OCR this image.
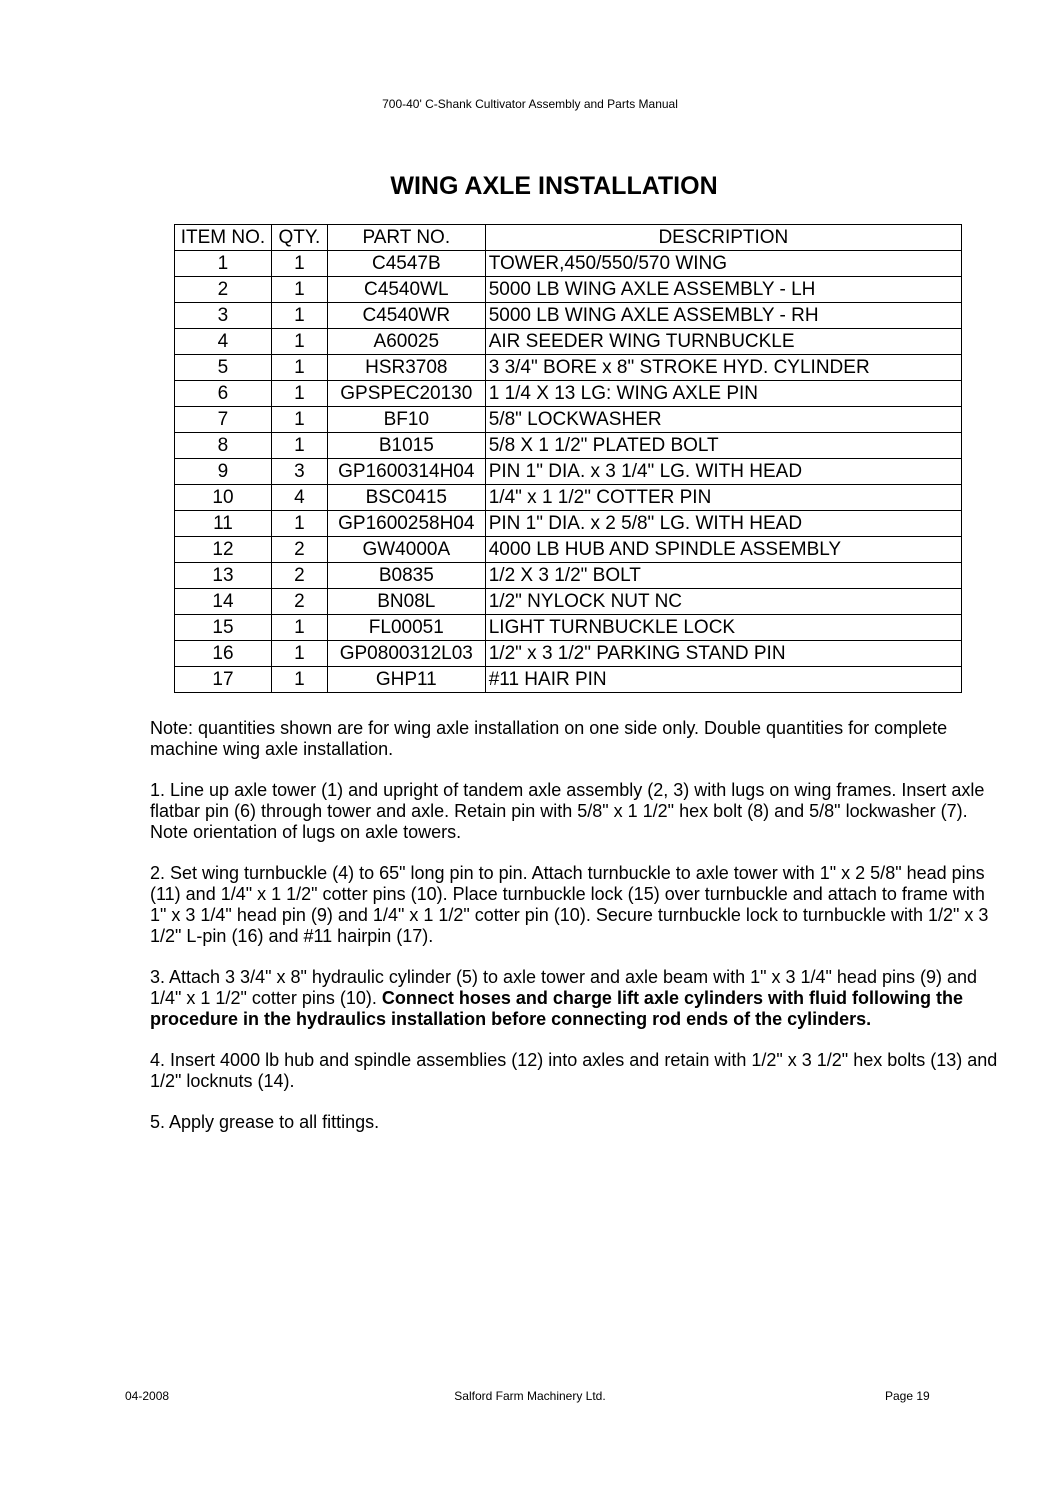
700-40' C-Shank Cultivator Assembly and Parts Manual
WING AXLE INSTALLATION
ITEM NO.	QTY.	PART NO.	DESCRIPTION
1	1	C4547B	TOWER,450/550/570 WING
2	1	C4540WL	5000 LB WING AXLE ASSEMBLY - LH
3	1	C4540WR	5000 LB WING AXLE ASSEMBLY - RH
4	1	A60025	AIR SEEDER WING TURNBUCKLE
5	1	HSR3708	3 3/4" BORE x 8" STROKE HYD. CYLINDER
6	1	GPSPEC20130	1 1/4 X 13 LG: WING AXLE PIN
7	1	BF10	5/8" LOCKWASHER
8	1	B1015	5/8 X 1 1/2" PLATED BOLT
9	3	GP1600314H04	PIN 1" DIA. x 3 1/4" LG. WITH HEAD
10	4	BSC0415	1/4" x 1 1/2" COTTER PIN
11	1	GP1600258H04	PIN 1" DIA. x 2 5/8" LG. WITH HEAD
12	2	GW4000A	4000 LB HUB AND SPINDLE ASSEMBLY
13	2	B0835	1/2 X 3 1/2" BOLT
14	2	BN08L	1/2" NYLOCK NUT NC
15	1	FL00051	LIGHT TURNBUCKLE LOCK
16	1	GP0800312L03	1/2" x 3 1/2" PARKING STAND PIN
17	1	GHP11	#11 HAIR PIN

Note: quantities shown are for wing axle installation on one side only. Double quantities for complete machine wing axle installation.

1. Line up axle tower (1) and upright of tandem axle assembly (2, 3) with lugs on wing frames. Insert axle flatbar pin (6) through tower and axle. Retain pin with 5/8" x 1 1/2" hex bolt (8) and 5/8" lockwasher (7). Note orientation of lugs on axle towers.

2. Set wing turnbuckle (4) to 65" long pin to pin. Attach turnbuckle to axle tower with 1" x 2 5/8" head pins (11) and 1/4" x 1 1/2" cotter pins (10). Place turnbuckle lock (15) over turnbuckle and attach to frame with 1" x 3 1/4" head pin (9) and 1/4" x 1 1/2" cotter pin (10). Secure turnbuckle lock to turnbuckle with 1/2" x 3 1/2" L-pin (16) and #11 hairpin (17).

3. Attach 3 3/4" x 8" hydraulic cylinder (5) to axle tower and axle beam with 1" x 3 1/4" head pins (9) and 1/4" x 1 1/2" cotter pins (10). Connect hoses and charge lift axle cylinders with fluid following the procedure in the hydraulics installation before connecting rod ends of the cylinders.

4. Insert 4000 lb hub and spindle assemblies (12) into axles and retain with 1/2" x 3 1/2" hex bolts (13) and 1/2" locknuts (14).

5. Apply grease to all fittings.

04-2008	Salford Farm Machinery Ltd.	Page 19
